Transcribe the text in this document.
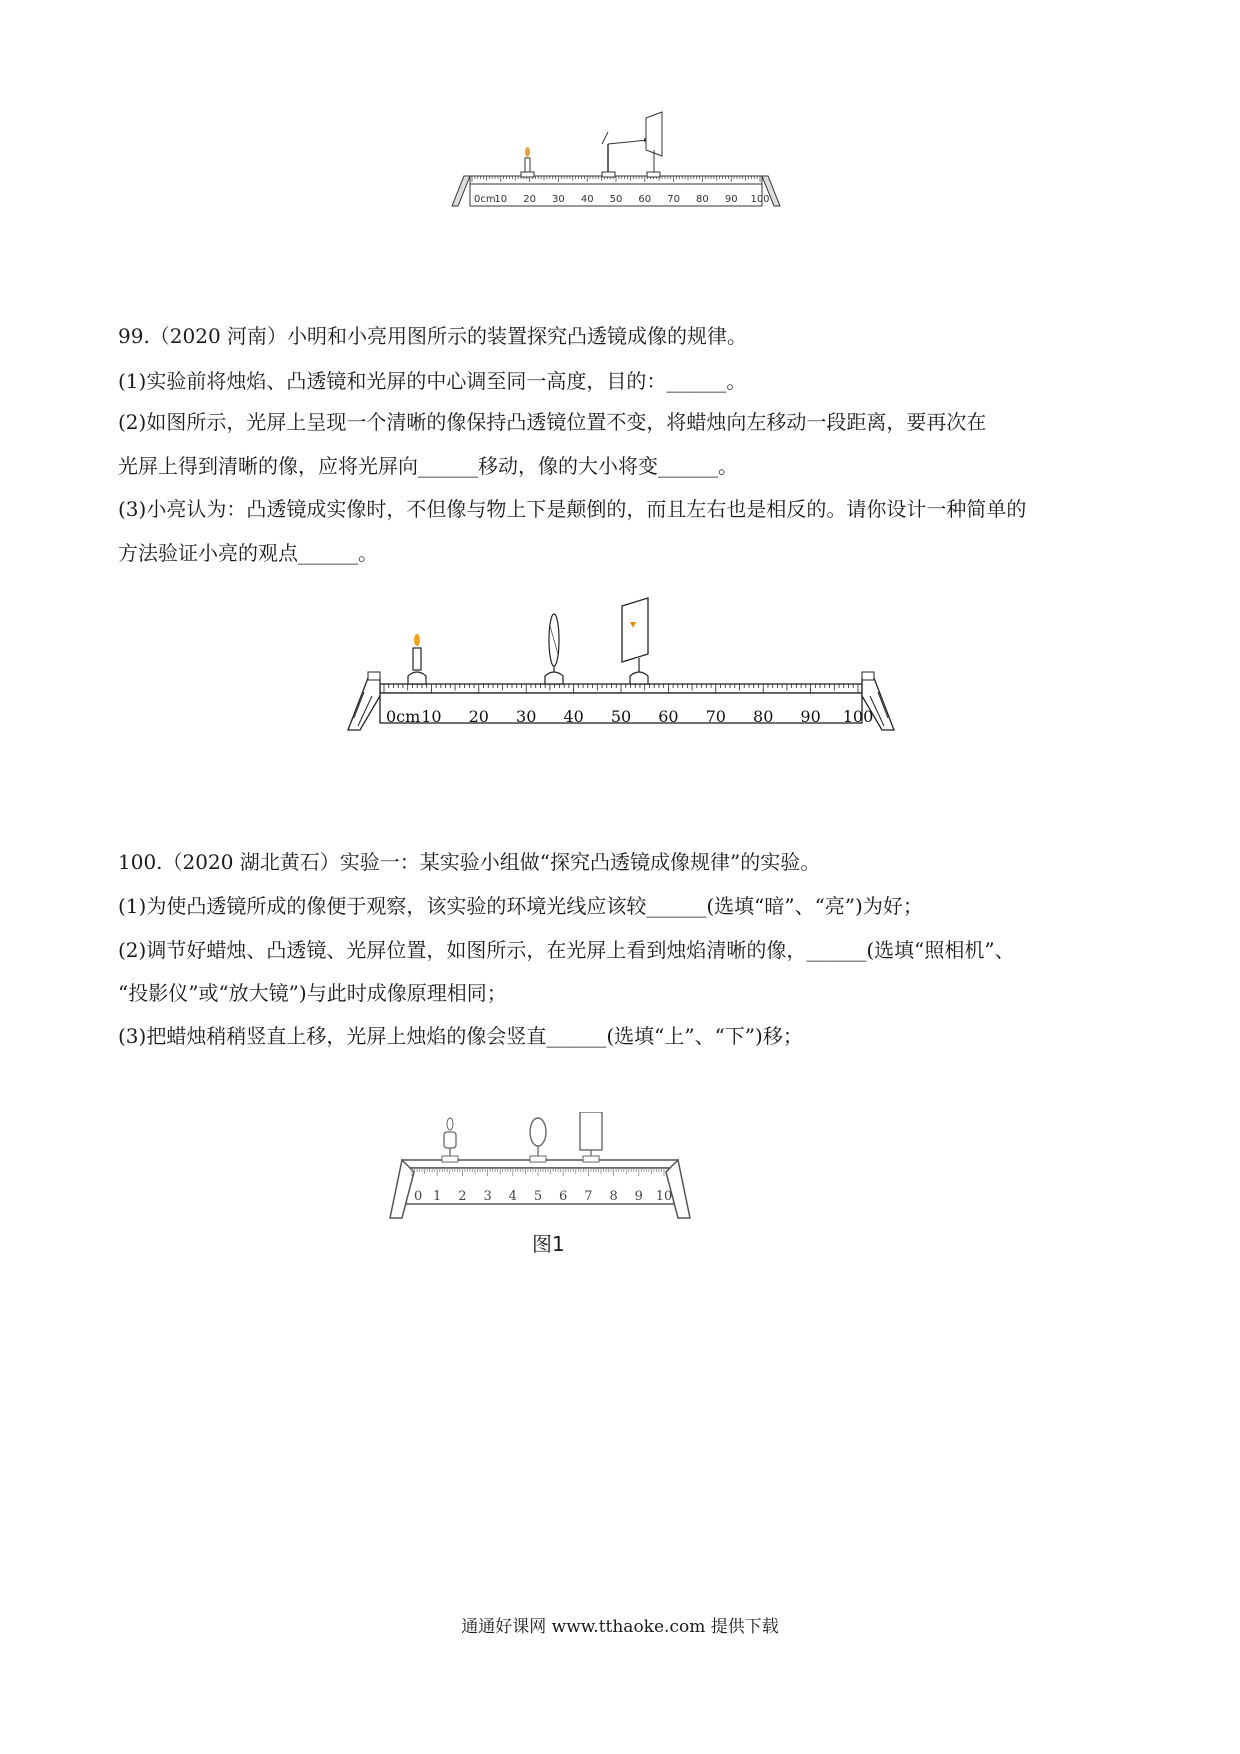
0cm
10 20 30 40 50 60 70 80 90 100
99.（2020 河南）小明和小亮用图所示的装置探究凸透镜成像的规律。
(1)实验前将烛焰、凸透镜和光屏的中心调至同一高度，目的：______。
(2)如图所示，光屏上呈现一个清晰的像保持凸透镜位置不变，将蜡烛向左移动一段距离，要再次在
光屏上得到清晰的像，应将光屏向______移动，像的大小将变______。
(3)小亮认为：凸透镜成实像时，不但像与物上下是颠倒的，而且左右也是相反的。请你设计一种简单的
方法验证小亮的观点______。
0cm 10 20 30 40 50 60 70 80 90 100
100.（2020 湖北黄石）实验一：某实验小组做“探究凸透镜成像规律”的实验。
(1)为使凸透镜所成的像便于观察，该实验的环境光线应该较______(选填“暗”、“亮”)为好；
(2)调节好蜡烛、凸透镜、光屏位置，如图所示，在光屏上看到烛焰清晰的像，______(选填“照相机”、
“投影仪”或“放大镜”)与此时成像原理相同；
(3)把蜡烛稍稍竖直上移，光屏上烛焰的像会竖直______(选填“上”、“下”)移；
0 1 2 3 4 5 6 7 8 9 10
图1
通通好课网 www.tthaoke.com 提供下载
